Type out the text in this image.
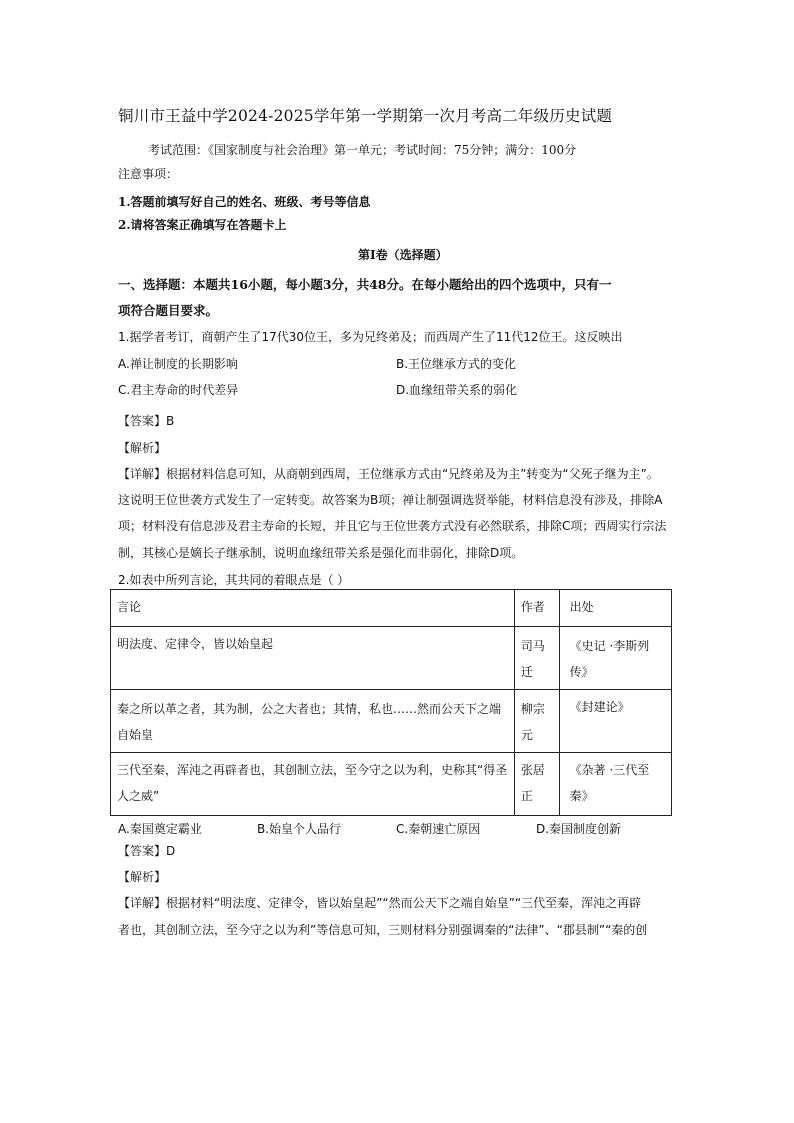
铜川市王益中学2024-2025学年第一学期第一次月考高二年级历史试题
考试范围：《国家制度与社会治理》第一单元；考试时间：75分钟；满分：100分
注意事项：
1.答题前填写好自己的姓名、班级、考号等信息
2.请将答案正确填写在答题卡上
第Ⅰ卷（选择题）
一、选择题：本题共16小题，每小题3分，共48分。在每小题给出的四个选项中，只有一
项符合题目要求。
1.据学者考订，商朝产生了17代30位王，多为兄终弟及；而西周产生了11代12位王。这反映出
A.禅让制度的长期影响	B.王位继承方式的变化
C.君主寿命的时代差异	D.血缘纽带关系的弱化
【答案】B
【解析】
【详解】根据材料信息可知，从商朝到西周，王位继承方式由“兄终弟及为主”转变为“父死子继为主”。
这说明王位世袭方式发生了一定转变。故答案为B项；禅让制强调选贤举能，材料信息没有涉及，排除A
项；材料没有信息涉及君主寿命的长短，并且它与王位世袭方式没有必然联系，排除C项；西周实行宗法
制，其核心是嫡长子继承制，说明血缘纽带关系是强化而非弱化，排除D项。
2.如表中所列言论，其共同的着眼点是（ ）
言论	作者	出处

明法度、定律令，皆以始皇起	司马迁	《史记 ·李斯列传》

秦之所以革之者，其为制，公之大者也；其情，私也……然而公天下之端自始皇	柳宗元	《封建论》

三代至秦，浑沌之再辟者也，其创制立法，至今守之以为利，史称其“得圣人之威”	张居正	《杂著 ·三代至秦》
A.秦国奠定霸业	B.始皇个人品行	C.秦朝速亡原因	D.秦国制度创新
【答案】D
【解析】
【详解】根据材料“明法度、定律令，皆以始皇起”“然而公天下之端自始皇”“三代至秦，浑沌之再辟
者也，其创制立法，至今守之以为利”等信息可知，三则材料分别强调秦的“法律”、“郡县制”“秦的创
